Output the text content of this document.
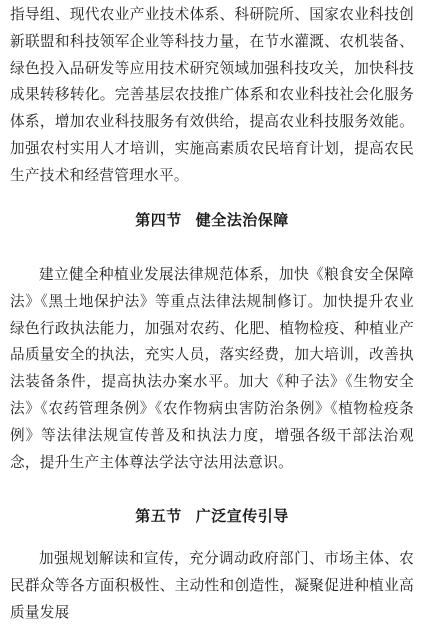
指导组、现代农业产业技术体系、科研院所、国家农业科技创新联盟和科技领军企业等科技力量，在节水灌溉、农机装备、绿色投入品研发等应用技术研究领域加强科技攻关，加快科技成果转移转化。完善基层农技推广体系和农业科技社会化服务体系，增加农业科技服务有效供给，提高农业科技服务效能。加强农村实用人才培训，实施高素质农民培育计划，提高农民生产技术和经营管理水平。

第四节 健全法治保障

建立健全种植业发展法律规范体系，加快《粮食安全保障法》《黑土地保护法》等重点法律法规制修订。加快提升农业绿色行政执法能力，加强对农药、化肥、植物检疫、种植业产品质量安全的执法，充实人员，落实经费，加大培训，改善执法装备条件，提高执法办案水平。加大《种子法》《生物安全法》《农药管理条例》《农作物病虫害防治条例》《植物检疫条例》等法律法规宣传普及和执法力度，增强各级干部法治观念，提升生产主体尊法学法守法用法意识。

第五节 广泛宣传引导

加强规划解读和宣传，充分调动政府部门、市场主体、农民群众等各方面积极性、主动性和创造性，凝聚促进种植业高质量发展
